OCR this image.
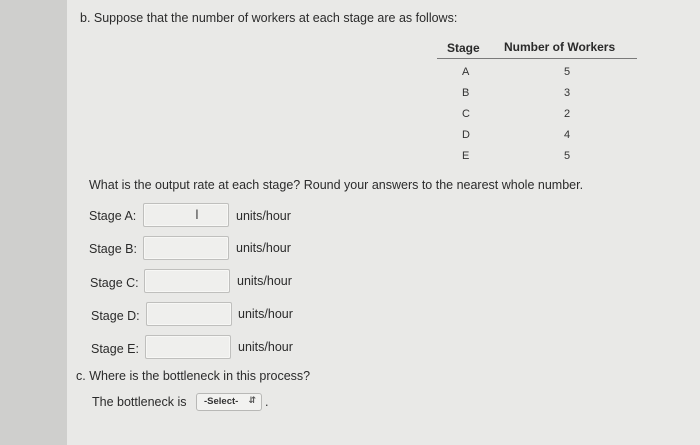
b. Suppose that the number of workers at each stage are as follows:
Stage Number of Workers
A	5
B	3
C	2
D	4
E	5
What is the output rate at each stage? Round your answers to the nearest whole number.
Stage A:	I	units/hour
Stage B:	units/hour
Stage C:	units/hour
Stage D:	units/hour
Stage E:	units/hour
c. Where is the bottleneck in this process?
The bottleneck is -Select- ⇵ .
